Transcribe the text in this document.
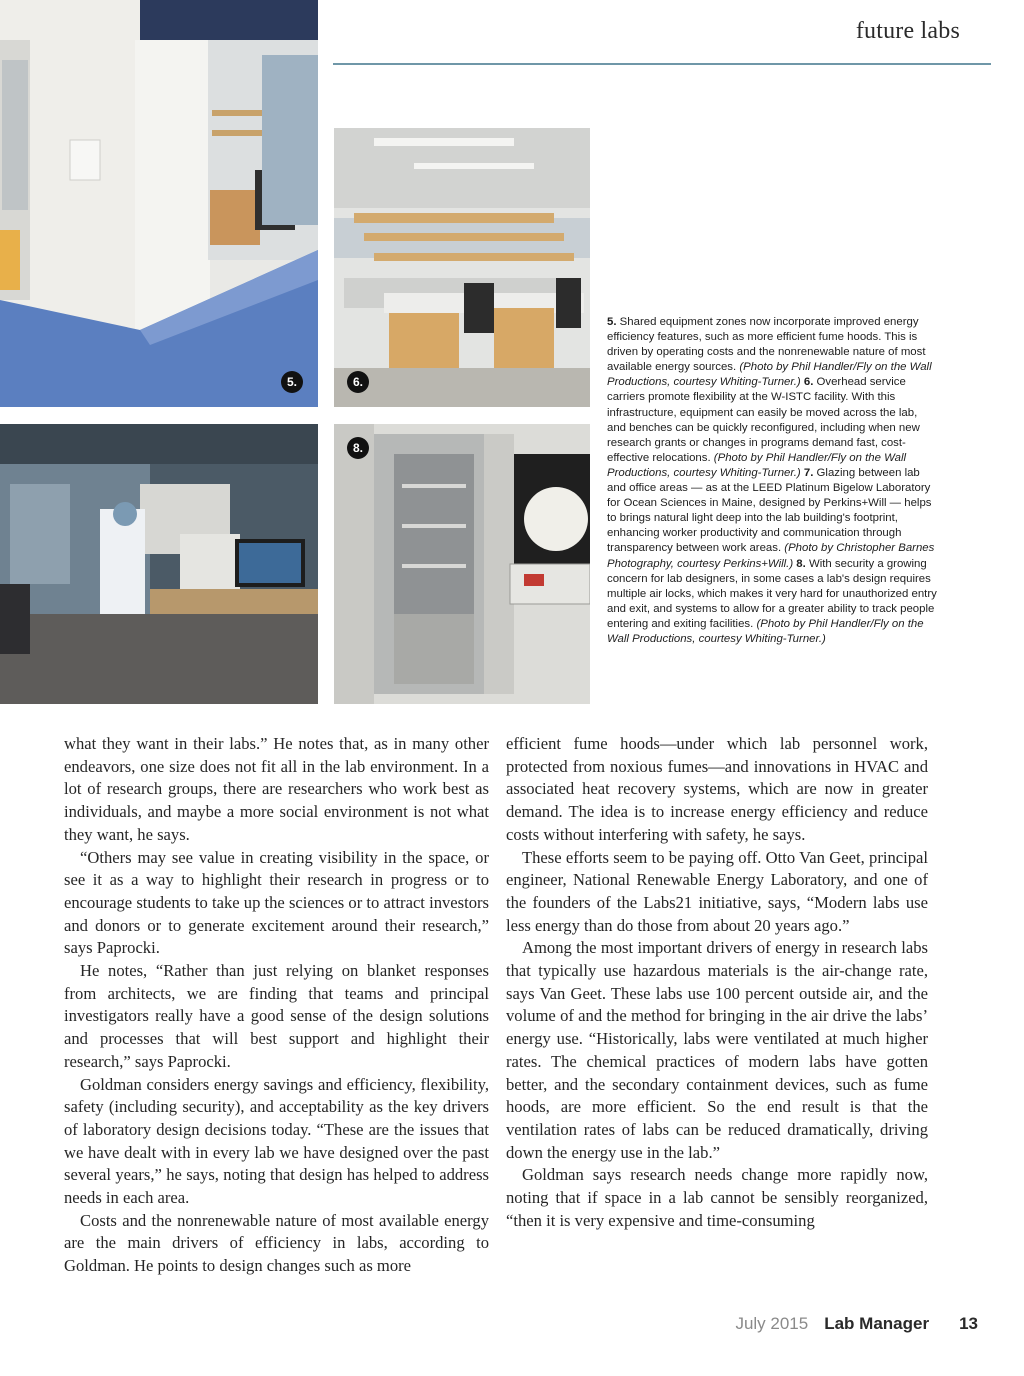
future labs
5.	6.
8.

5. Shared equipment zones now incorporate improved energy efficiency features, such as more efficient fume hoods. This is driven by operating costs and the nonrenewable nature of most available energy sources. (Photo by Phil Handler/Fly on the Wall Productions, courtesy Whiting-Turner.) 6. Overhead service carriers promote flexibility at the W-ISTC facility. With this infrastructure, equipment can easily be moved across the lab, and benches can be quickly reconfigured, including when new research grants or changes in programs demand fast, cost-effective relocations. (Photo by Phil Handler/Fly on the Wall Productions, courtesy Whiting-Turner.) 7. Glazing between lab and office areas — as at the LEED Platinum Bigelow Laboratory for Ocean Sciences in Maine, designed by Perkins+Will — helps to brings natural light deep into the lab building's footprint, enhancing worker productivity and communication through transparency between work areas. (Photo by Christopher Barnes Photography, courtesy Perkins+Will.) 8. With security a growing concern for lab designers, in some cases a lab's design requires multiple air locks, which makes it very hard for unauthorized entry and exit, and systems to allow for a greater ability to track people entering and exiting facilities. (Photo by Phil Handler/Fly on the Wall Productions, courtesy Whiting-Turner.)

what they want in their labs.” He notes that, as in many other endeavors, one size does not fit all in the lab environment. In a lot of research groups, there are researchers who work best as individuals, and maybe a more social environment is not what they want, he says.

“Others may see value in creating visibility in the space, or see it as a way to highlight their research in progress or to encourage students to take up the sciences or to attract investors and donors or to generate excitement around their research,” says Paprocki.

He notes, “Rather than just relying on blanket responses from architects, we are finding that teams and principal investigators really have a good sense of the design solutions and processes that will best support and highlight their research,” says Paprocki.

Goldman considers energy savings and efficiency, flexibility, safety (including security), and acceptability as the key drivers of laboratory design decisions today. “These are the issues that we have dealt with in every lab we have designed over the past several years,” he says, noting that design has helped to address needs in each area.

Costs and the nonrenewable nature of most available energy are the main drivers of efficiency in labs, according to Goldman. He points to design changes such as more

efficient fume hoods—under which lab personnel work, protected from noxious fumes—and innovations in HVAC and associated heat recovery systems, which are now in greater demand. The idea is to increase energy efficiency and reduce costs without interfering with safety, he says.

These efforts seem to be paying off. Otto Van Geet, principal engineer, National Renewable Energy Laboratory, and one of the founders of the Labs21 initiative, says, “Modern labs use less energy than do those from about 20 years ago.”

Among the most important drivers of energy in research labs that typically use hazardous materials is the air-change rate, says Van Geet. These labs use 100 percent outside air, and the volume of and the method for bringing in the air drive the labs’ energy use. “Historically, labs were ventilated at much higher rates. The chemical practices of modern labs have gotten better, and the secondary containment devices, such as fume hoods, are more efficient. So the end result is that the ventilation rates of labs can be reduced dramatically, driving down the energy use in the lab.”

Goldman says research needs change more rapidly now, noting that if space in a lab cannot be sensibly reorganized, “then it is very expensive and time-consuming

July 2015 Lab Manager 13
